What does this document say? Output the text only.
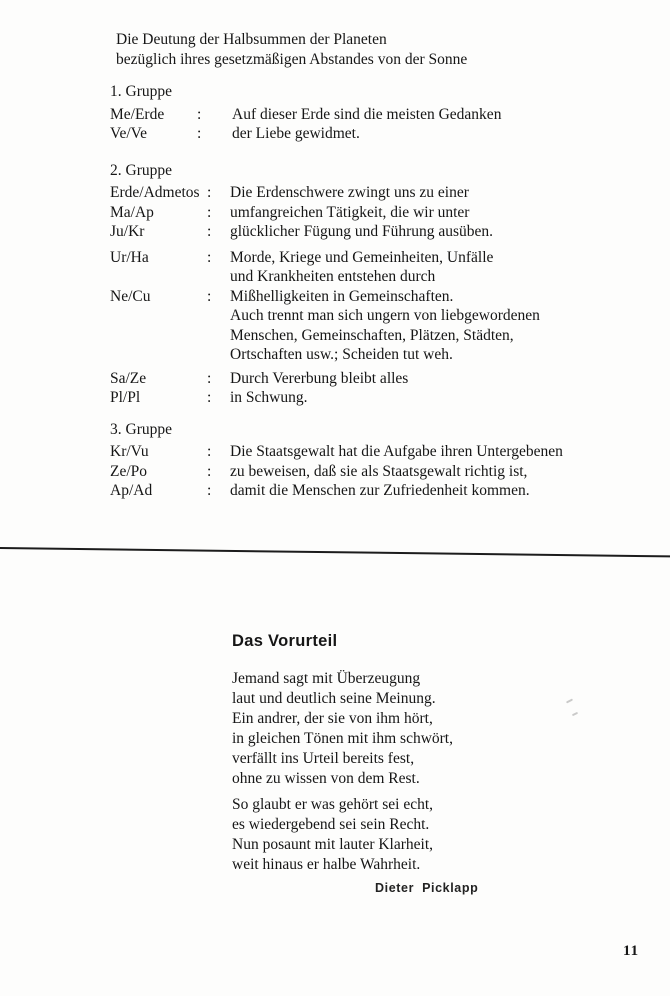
Die Deutung der Halbsummen der Planeten
bezüglich ihres gesetzmäßigen Abstandes von der Sonne
1. Gruppe
Me/Erde	:	Auf dieser Erde sind die meisten Gedanken
Ve/Ve	:	der Liebe gewidmet.
2. Gruppe
Erde/Admetos :	Die Erdenschwere zwingt uns zu einer
Ma/Ap	:	umfangreichen Tätigkeit, die wir unter
Ju/Kr	:	glücklicher Fügung und Führung ausüben.
Ur/Ha	:	Morde, Kriege und Gemeinheiten, Unfälle
und Krankheiten entstehen durch
Ne/Cu	:	Mißhelligkeiten in Gemeinschaften.
Auch trennt man sich ungern von liebgewordenen
Menschen, Gemeinschaften, Plätzen, Städten,
Ortschaften usw.; Scheiden tut weh.
Sa/Ze	:	Durch Vererbung bleibt alles
Pl/Pl	:	in Schwung.
3. Gruppe
Kr/Vu	:	Die Staatsgewalt hat die Aufgabe ihren Untergebenen
Ze/Po	:	zu beweisen, daß sie als Staatsgewalt richtig ist,
Ap/Ad	:	damit die Menschen zur Zufriedenheit kommen.
Das Vorurteil
Jemand sagt mit Überzeugung
laut und deutlich seine Meinung.
Ein andrer, der sie von ihm hört,
in gleichen Tönen mit ihm schwört,
verfällt ins Urteil bereits fest,
ohne zu wissen von dem Rest.
So glaubt er was gehört sei echt,
es wiedergebend sei sein Recht.
Nun posaunt mit lauter Klarheit,
weit hinaus er halbe Wahrheit.
Dieter Picklapp
11
